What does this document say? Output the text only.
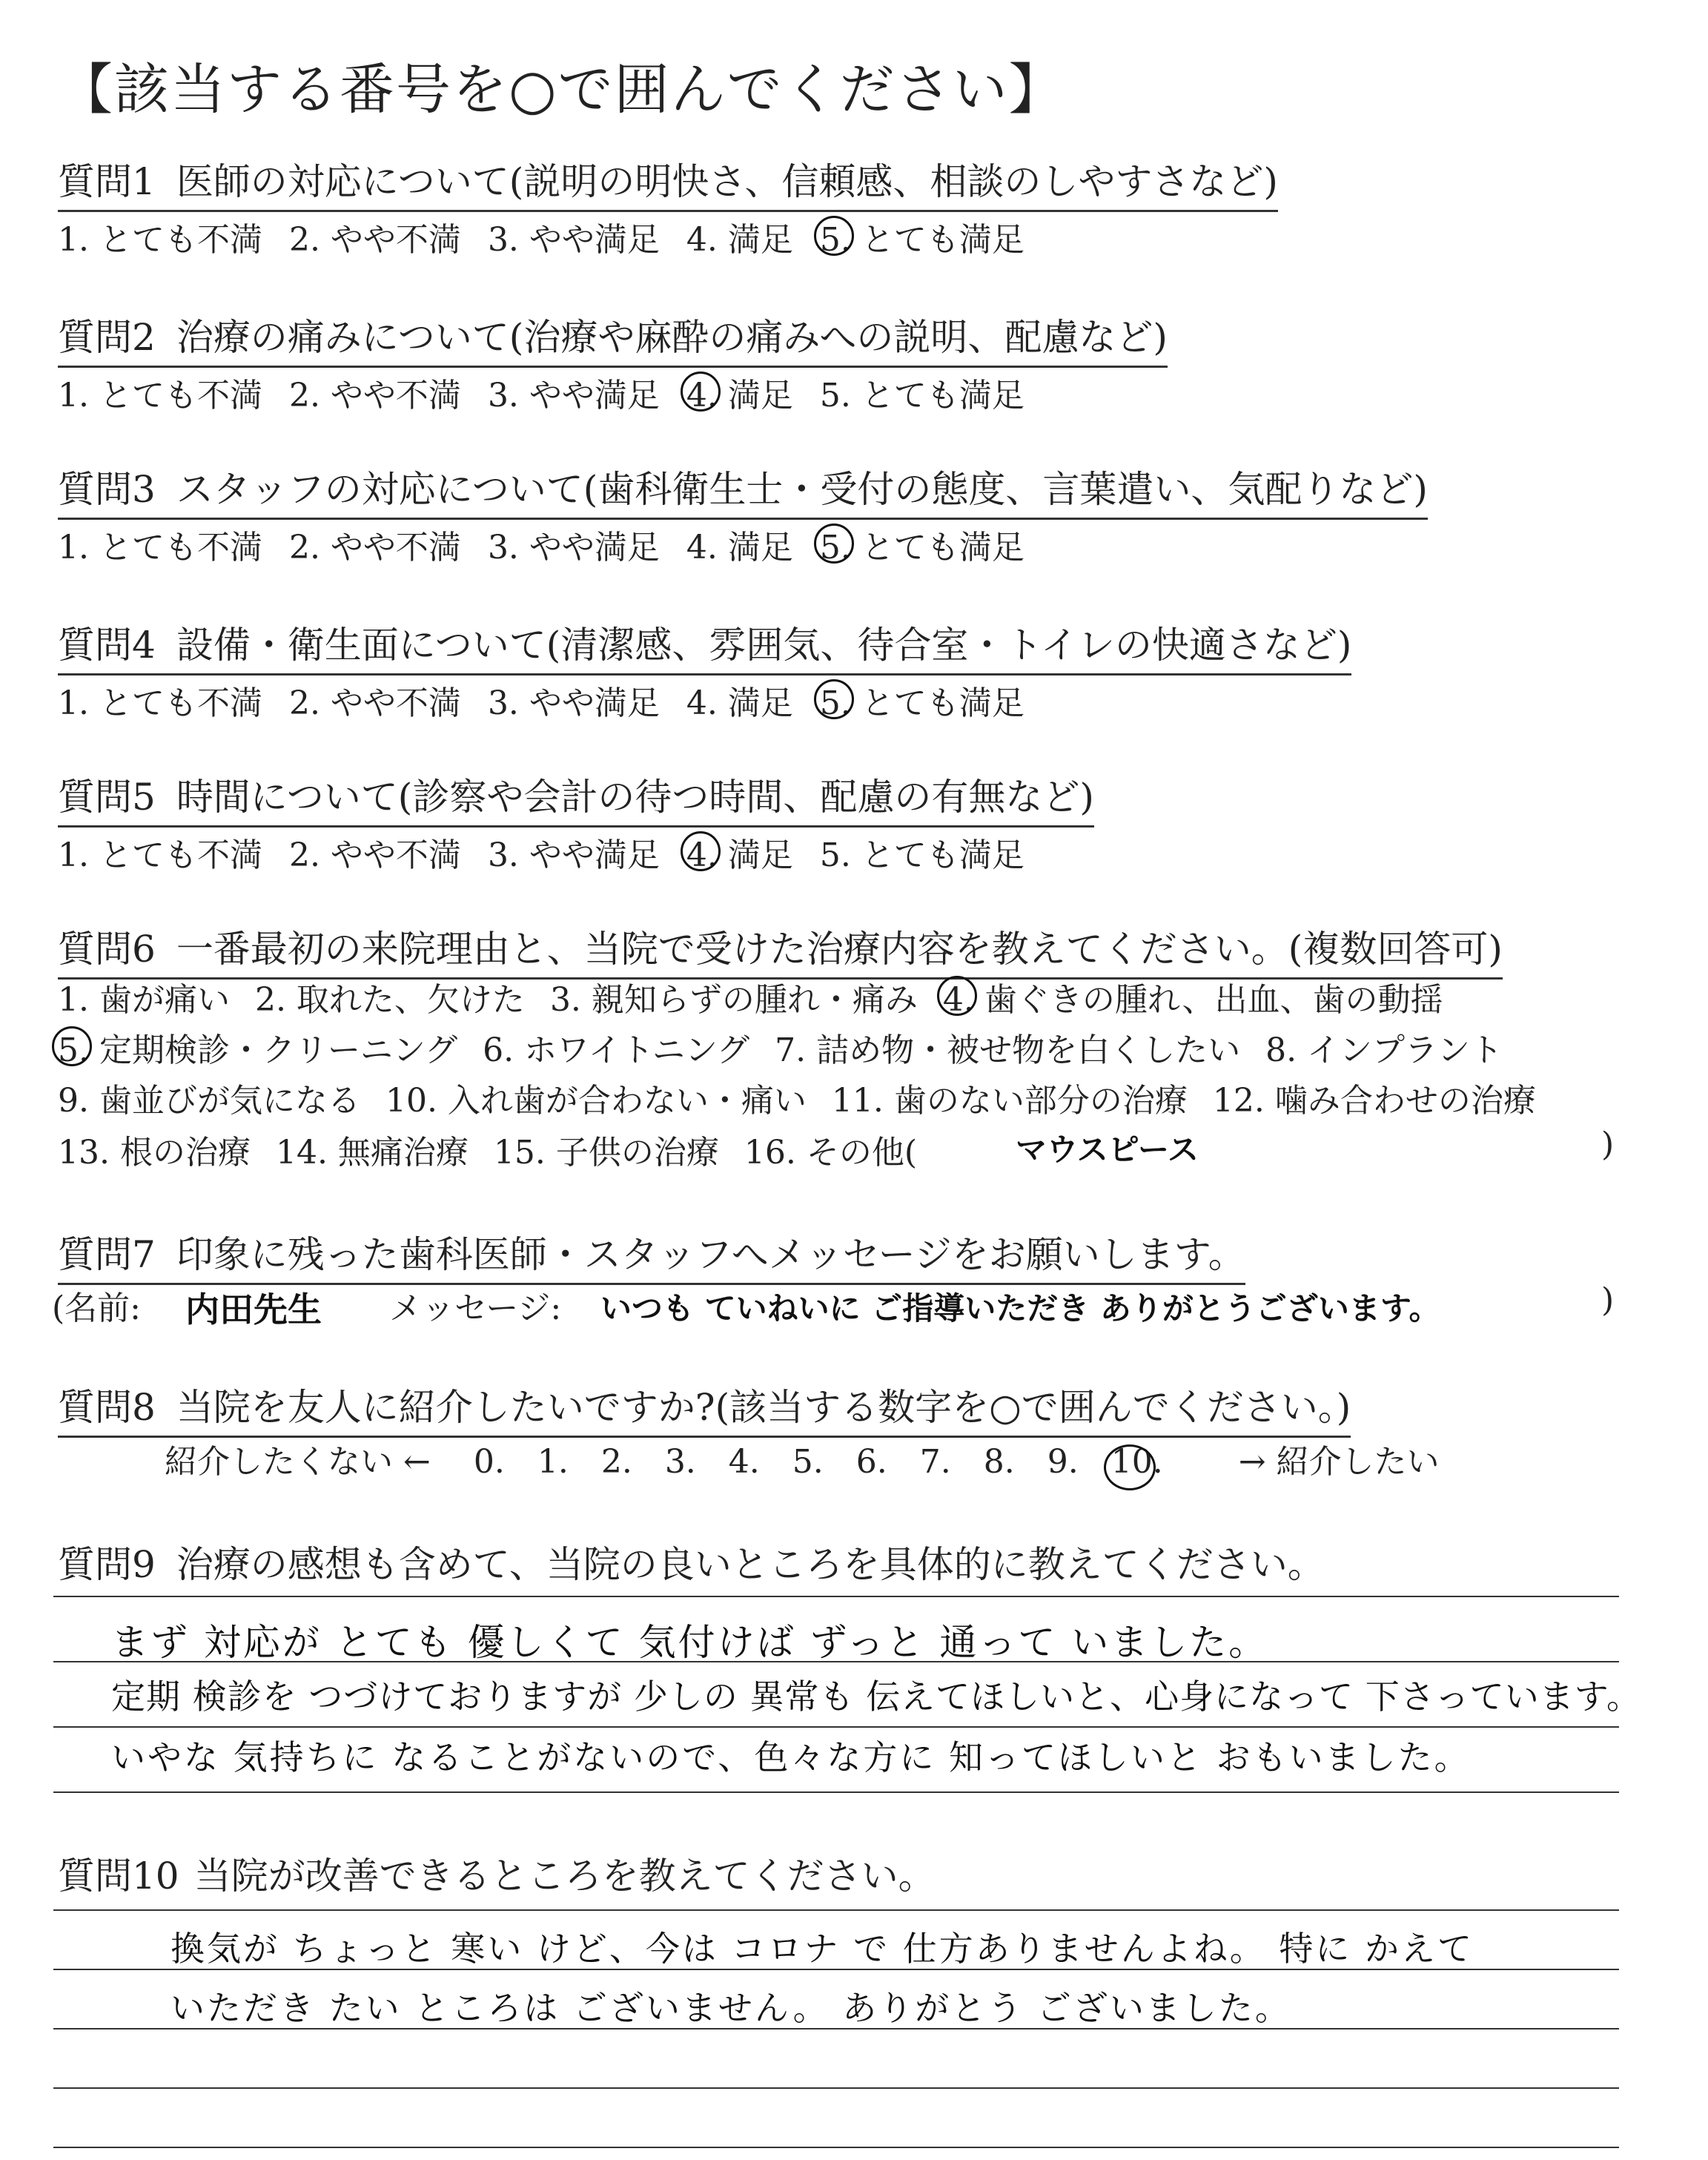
【該当する番号を○で囲んでください】
質問1 医師の対応について(説明の明快さ、信頼感、相談のしやすさなど)
1. とても不満 2. やや不満 3. やや満足 4. 満足 5. とても満足
質問2 治療の痛みについて(治療や麻酔の痛みへの説明、配慮など)
1. とても不満 2. やや不満 3. やや満足 4. 満足 5. とても満足
質問3 スタッフの対応について(歯科衛生士・受付の態度、言葉遣い、気配りなど)
1. とても不満 2. やや不満 3. やや満足 4. 満足 5. とても満足
質問4 設備・衛生面について(清潔感、雰囲気、待合室・トイレの快適さなど)
1. とても不満 2. やや不満 3. やや満足 4. 満足 5. とても満足
質問5 時間について(診察や会計の待つ時間、配慮の有無など)
1. とても不満 2. やや不満 3. やや満足 4. 満足 5. とても満足
質問6 一番最初の来院理由と、当院で受けた治療内容を教えてください。(複数回答可)
1. 歯が痛い 2. 取れた、欠けた 3. 親知らずの腫れ・痛み 4. 歯ぐきの腫れ、出血、歯の動揺
5. 定期検診・クリーニング 6. ホワイトニング 7. 詰め物・被せ物を白くしたい 8. インプラント
9. 歯並びが気になる 10. 入れ歯が合わない・痛い 11. 歯のない部分の治療 12. 噛み合わせの治療
13. 根の治療 14. 無痛治療 15. 子供の治療 16. その他(	マウスピース	)
質問7 印象に残った歯科医師・スタッフへメッセージをお願いします。
(名前: 内田先生 メッセージ: いつも ていねいに ご指導いただき ありがとうございます。	)
質問8 当院を友人に紹介したいですか?(該当する数字を○で囲んでください。)
紹介したくない ← 0. 1. 2. 3. 4. 5. 6. 7. 8. 9. 10. → 紹介したい
質問9 治療の感想も含めて、当院の良いところを具体的に教えてください。
まず 対応が とても 優しくて 気付けば ずっと 通って いました。
定期 検診を つづけておりますが 少しの 異常も 伝えてほしいと、心身になって 下さっています。
いやな 気持ちに なることがないので、色々な方に 知ってほしいと おもいました。
質問10 当院が改善できるところを教えてください。
換気が ちょっと 寒い けど、今は コロナ で 仕方ありませんよね。 特に かえて
いただき たい ところは ございません。 ありがとう ございました。
